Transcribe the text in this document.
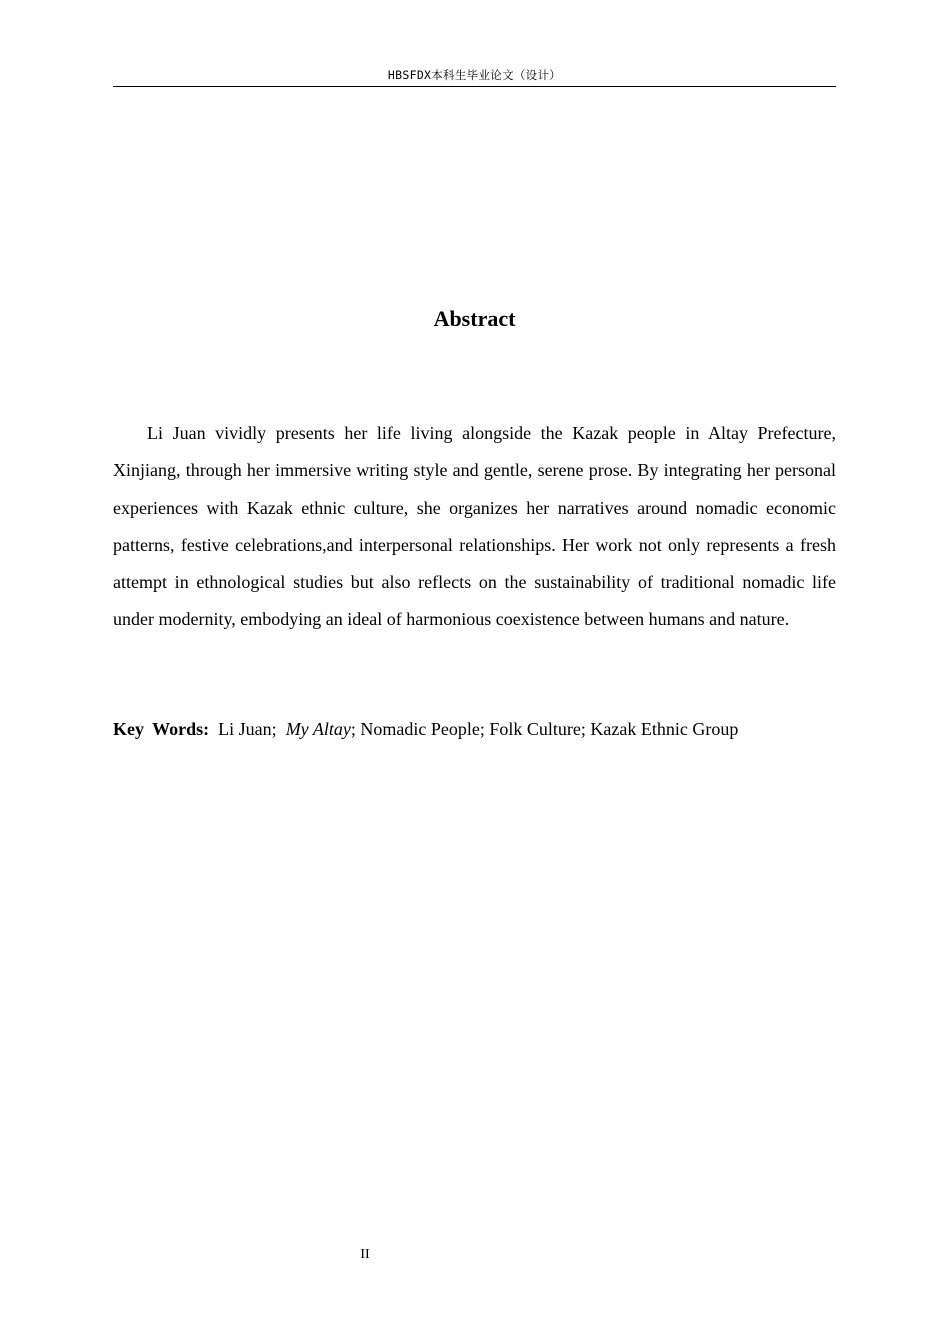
HBSFDX本科生毕业论文（设计）
Abstract

Li Juan vividly presents her life living alongside the Kazak people in Altay Prefecture, Xinjiang, through her immersive writing style and gentle, serene prose. By integrating her personal experiences with Kazak ethnic culture, she organizes her narratives around nomadic economic patterns, festive celebrations,and interpersonal relationships. Her work not only represents a fresh attempt in ethnological studies but also reflects on the sustainability of traditional nomadic life under modernity, embodying an ideal of harmonious coexistence between humans and nature.

Key Words: Li Juan;  My Altay; Nomadic People; Folk Culture; Kazak Ethnic Group
II
